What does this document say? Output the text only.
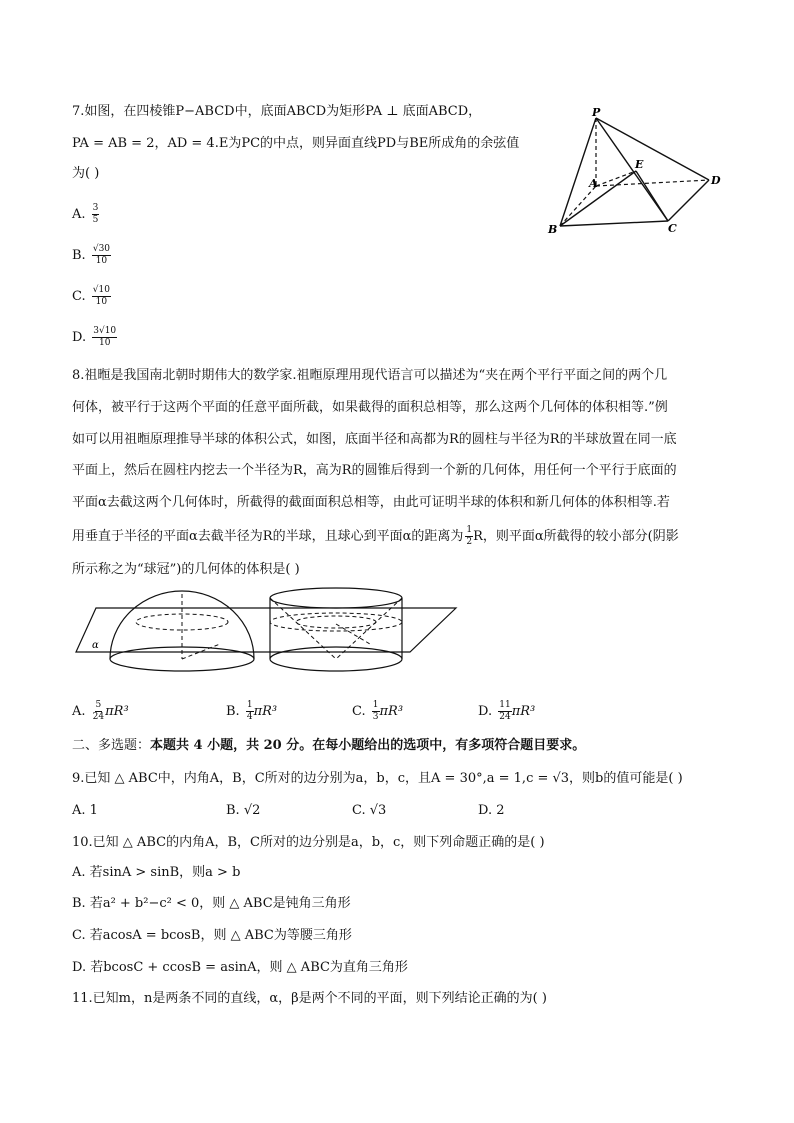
7.如图，在四棱锥P−ABCD中，底面ABCD为矩形PA ⊥ 底面ABCD，
PA = AB = 2，AD = 4.E为PC的中点，则异面直线PD与BE所成角的余弦值
为( )
A. $\frac{3}{5}$
B. $\frac{√30}{10}$
C. $\frac{√10}{10}$
D. $\frac{3√10}{10}$
P
A
E
D
B	C
8.祖暅是我国南北朝时期伟大的数学家.祖暅原理用现代语言可以描述为“夹在两个平行平面之间的两个几
何体，被平行于这两个平面的任意平面所截，如果截得的面积总相等，那么这两个几何体的体积相等.”例
如可以用祖暅原理推导半球的体积公式，如图，底面半径和高都为R的圆柱与半径为R的半球放置在同一底
平面上，然后在圆柱内挖去一个半径为R，高为R的圆锥后得到一个新的几何体，用任何一个平行于底面的
平面α去截这两个几何体时，所截得的截面面积总相等，由此可证明半球的体积和新几何体的体积相等.若
用垂直于半径的平面α去截半径为R的半球，且球心到平面α的距离为 $\frac{1}{2}$ R，则平面α所截得的较小部分(阴影
所示称之为“球冠”)的几何体的体积是( )
α
A. $\frac{5}{24} \pi R^3$	B. $\frac{1}{4} \pi R^3$	C. $\frac{1}{3} \pi R^3$	D. $\frac{11}{24} \pi R^3$
二、多选题：本题共 4 小题，共 20 分。在每小题给出的选项中，有多项符合题目要求。
9.已知 △ ABC中，内角A，B，C所对的边分别为a，b，c，且A = 30°,a = 1,c = √3，则b的值可能是( )
A. 1	B. √2	C. √3	D. 2
10.已知 △ ABC的内角A，B，C所对的边分别是a，b，c，则下列命题正确的是( )
A. 若sinA > sinB，则a > b
B. 若a² + b²−c² < 0，则 △ ABC是钝角三角形
C. 若acosA = bcosB，则 △ ABC为等腰三角形
D. 若bcosC + ccosB = asinA，则 △ ABC为直角三角形
11.已知m，n是两条不同的直线，α，β是两个不同的平面，则下列结论正确的为( )
